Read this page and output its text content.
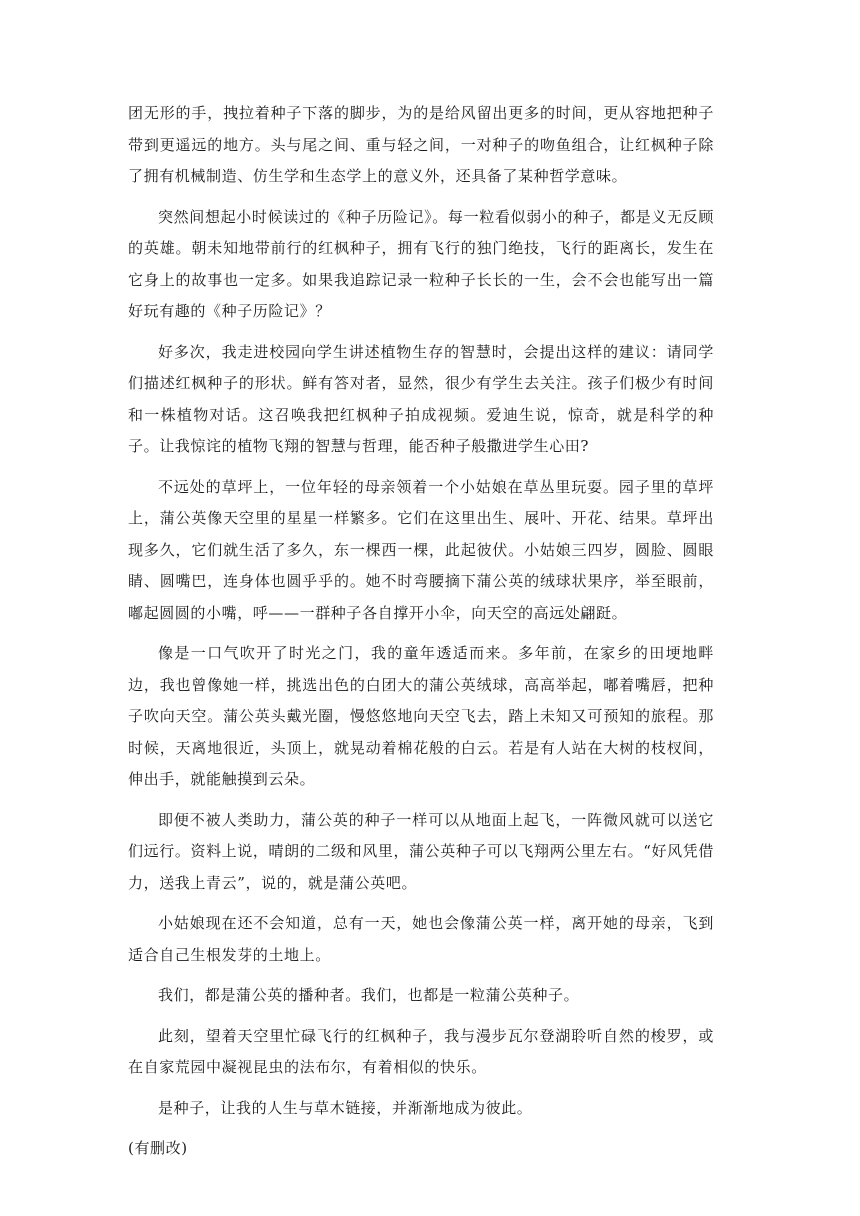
团无形的手，拽拉着种子下落的脚步，为的是给风留出更多的时间，更从容地把种子带到更遥远的地方。头与尾之间、重与轻之间，一对种子的吻鱼组合，让红枫种子除了拥有机械制造、仿生学和生态学上的意义外，还具备了某种哲学意味。

突然间想起小时候读过的《种子历险记》。每一粒看似弱小的种子，都是义无反顾的英雄。朝未知地带前行的红枫种子，拥有飞行的独门绝技，飞行的距离长，发生在它身上的故事也一定多。如果我追踪记录一粒种子长长的一生，会不会也能写出一篇好玩有趣的《种子历险记》？

好多次，我走进校园向学生讲述植物生存的智慧时，会提出这样的建议：请同学们描述红枫种子的形状。鲜有答对者，显然，很少有学生去关注。孩子们极少有时间和一株植物对话。这召唤我把红枫种子拍成视频。爱迪生说，惊奇，就是科学的种子。让我惊诧的植物飞翔的智慧与哲理，能否种子般撒进学生心田?

不远处的草坪上，一位年轻的母亲领着一个小姑娘在草丛里玩耍。园子里的草坪上，蒲公英像天空里的星星一样繁多。它们在这里出生、展叶、开花、结果。草坪出现多久，它们就生活了多久，东一棵西一棵，此起彼伏。小姑娘三四岁，圆脸、圆眼睛、圆嘴巴，连身体也圆乎乎的。她不时弯腰摘下蒲公英的绒球状果序，举至眼前，嘟起圆圆的小嘴，呼——一群种子各自撑开小伞，向天空的高远处翩跹。

像是一口气吹开了时光之门，我的童年透适而来。多年前，在家乡的田埂地畔边，我也曾像她一样，挑选出色的白团大的蒲公英绒球，高高举起，嘟着嘴唇，把种子吹向天空。蒲公英头戴光圈，慢悠悠地向天空飞去，踏上未知又可预知的旅程。那时候，天离地很近，头顶上，就晃动着棉花般的白云。若是有人站在大树的枝杈间，伸出手，就能触摸到云朵。

即便不被人类助力，蒲公英的种子一样可以从地面上起飞，一阵微风就可以送它们远行。资料上说，晴朗的二级和风里，蒲公英种子可以飞翔两公里左右。“好风凭借力，送我上青云”，说的，就是蒲公英吧。

小姑娘现在还不会知道，总有一天，她也会像蒲公英一样，离开她的母亲，飞到适合自己生根发芽的土地上。

我们，都是蒲公英的播种者。我们，也都是一粒蒲公英种子。

此刻，望着天空里忙碌飞行的红枫种子，我与漫步瓦尔登湖聆听自然的梭罗，或在自家荒园中凝视昆虫的法布尔，有着相似的快乐。

是种子，让我的人生与草木链接，并渐渐地成为彼此。

(有删改)
